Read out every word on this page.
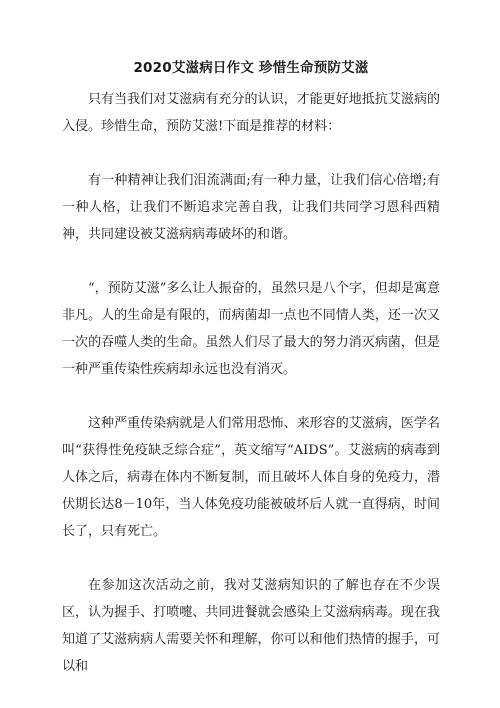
2020艾滋病日作文 珍惜生命预防艾滋

只有当我们对艾滋病有充分的认识，才能更好地抵抗艾滋病的入侵。珍惜生命，预防艾滋!下面是推荐的材料：

有一种精神让我们泪流满面;有一种力量，让我们信心倍增;有一种人格，让我们不断追求完善自我，让我们共同学习恩科西精神，共同建设被艾滋病病毒破坏的和谐。

“，预防艾滋”多么让人振奋的，虽然只是八个字，但却是寓意非凡。人的生命是有限的，而病菌却一点也不同情人类，还一次又一次的吞噬人类的生命。虽然人们尽了最大的努力消灭病菌，但是一种严重传染性疾病却永远也没有消灭。

这种严重传染病就是人们常用恐怖、来形容的艾滋病，医学名叫“获得性免疫缺乏综合症”，英文缩写“AIDS”。艾滋病的病毒到人体之后，病毒在体内不断复制，而且破坏人体自身的免疫力，潜伏期长达8－10年，当人体免疫功能被破坏后人就一直得病，时间长了，只有死亡。

在参加这次活动之前，我对艾滋病知识的了解也存在不少误区，认为握手、打喷嚏、共同进餐就会感染上艾滋病病毒。现在我知道了艾滋病病人需要关怀和理解，你可以和他们热情的握手，可以和
